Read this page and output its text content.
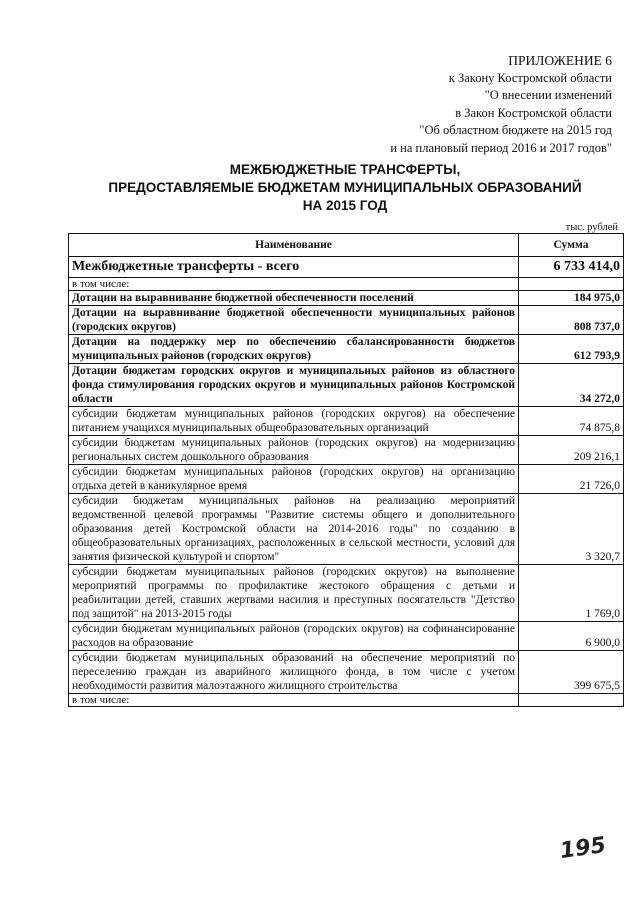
ПРИЛОЖЕНИЕ 6
к Закону Костромской области
"О внесении изменений
в Закон Костромской области
"Об областном бюджете на 2015 год
и на плановый период 2016 и 2017 годов"
МЕЖБЮДЖЕТНЫЕ ТРАНСФЕРТЫ,
ПРЕДОСТАВЛЯЕМЫЕ БЮДЖЕТАМ МУНИЦИПАЛЬНЫХ ОБРАЗОВАНИЙ
НА 2015 ГОД
тыс. рублей
Наименование	Сумма
Межбюджетные трансферты - всего	6 733 414,0
в том числе:	
Дотации на выравнивание бюджетной обеспеченности поселений	184 975,0
Дотации на выравнивание бюджетной обеспеченности муниципальных районов (городских округов)	808 737,0
Дотации на поддержку мер по обеспечению сбалансированности бюджетов муниципальных районов (городских округов)	612 793,9
Дотации бюджетам городских округов и муниципальных районов из областного фонда стимулирования городских округов и муниципальных районов Костромской области	34 272,0
субсидии бюджетам муниципальных районов (городских округов) на обеспечение питанием учащихся муниципальных общеобразовательных организаций	74 875,8
субсидии бюджетам муниципальных районов (городских округов) на модернизацию региональных систем дошкольного образования	209 216,1
субсидии бюджетам муниципальных районов (городских округов) на организацию отдыха детей в каникулярное время	21 726,0
субсидии бюджетам муниципальных районов на реализацию мероприятий ведомственной целевой программы "Развитие системы общего и дополнительного образования детей Костромской области на 2014-2016 годы" по созданию в общеобразовательных организациях, расположенных в сельской местности, условий для занятия физической культурой и спортом"	3 320,7
субсидии бюджетам муниципальных районов (городских округов) на выполнение мероприятий программы по профилактике жестокого обращения с детьми и реабилитации детей, ставших жертвами насилия и преступных посягательств "Детство под защитой" на 2013-2015 годы	1 769,0
субсидии бюджетам муниципальных районов (городских округов) на софинансирование расходов на образование	6 900,0
субсидии бюджетам муниципальных образований на обеспечение мероприятий по переселению граждан из аварийного жилищного фонда, в том числе с учетом необходимости развития малоэтажного жилищного строительства	399 675,5
в том числе:	
195
